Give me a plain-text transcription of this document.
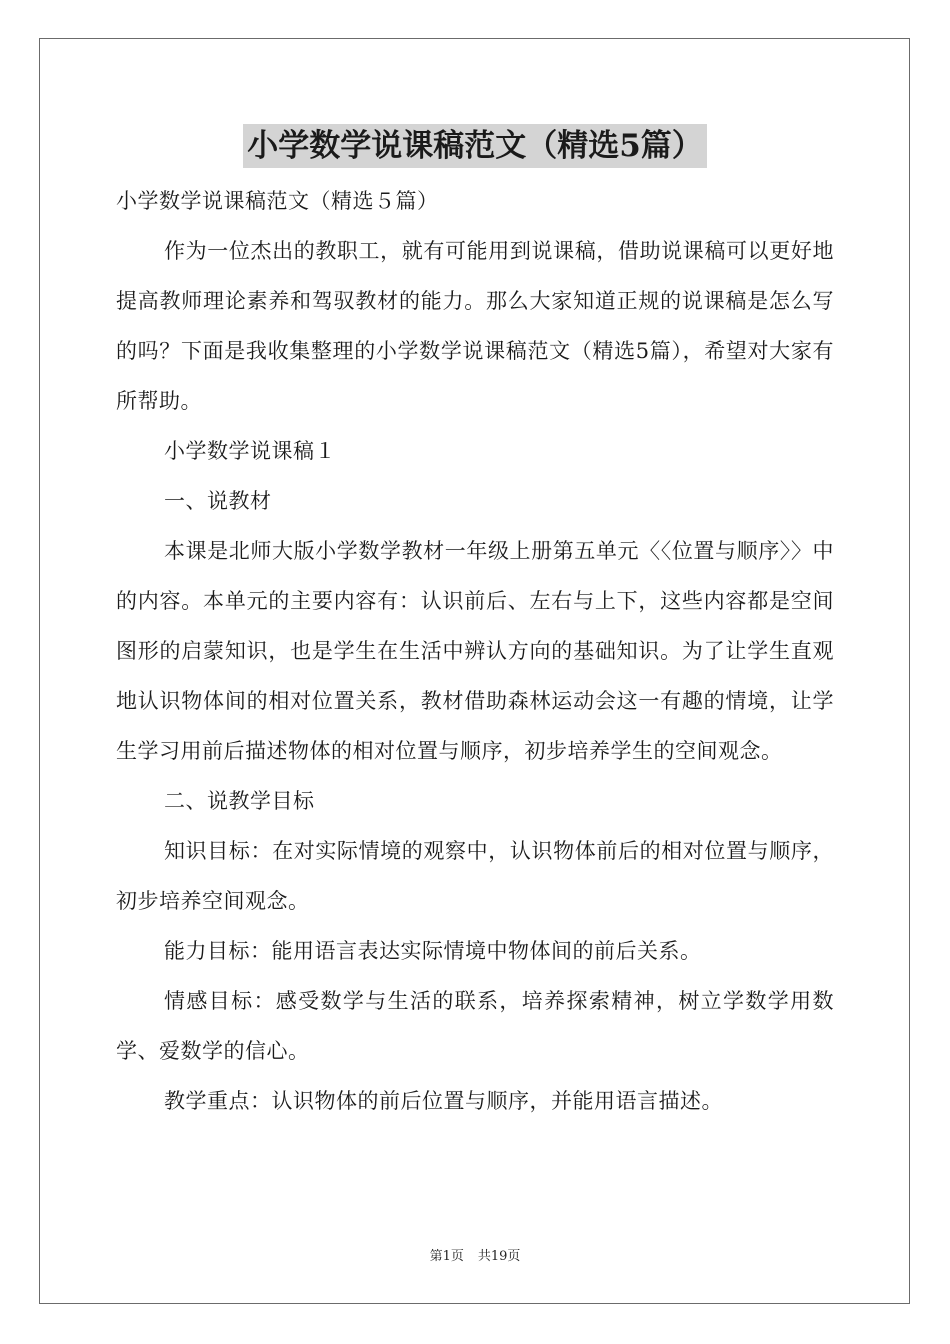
小学数学说课稿范文（精选5篇）

小学数学说课稿范文（精选５篇）

作为一位杰出的教职工，就有可能用到说课稿，借助说课稿可以更好地提高教师理论素养和驾驭教材的能力。那么大家知道正规的说课稿是怎么写的吗？下面是我收集整理的小学数学说课稿范文（精选5篇），希望对大家有所帮助。

小学数学说课稿１

一、说教材

本课是北师大版小学数学教材一年级上册第五单元〈〈位置与顺序〉〉中的内容。本单元的主要内容有：认识前后、左右与上下，这些内容都是空间图形的启蒙知识，也是学生在生活中辨认方向的基础知识。为了让学生直观地认识物体间的相对位置关系，教材借助森林运动会这一有趣的情境，让学生学习用前后描述物体的相对位置与顺序，初步培养学生的空间观念。

二、说教学目标

知识目标：在对实际情境的观察中，认识物体前后的相对位置与顺序，初步培养空间观念。

能力目标：能用语言表达实际情境中物体间的前后关系。

情感目标：感受数学与生活的联系，培养探索精神，树立学数学用数学、爱数学的信心。

教学重点：认识物体的前后位置与顺序，并能用语言描述。

第1页 共19页
